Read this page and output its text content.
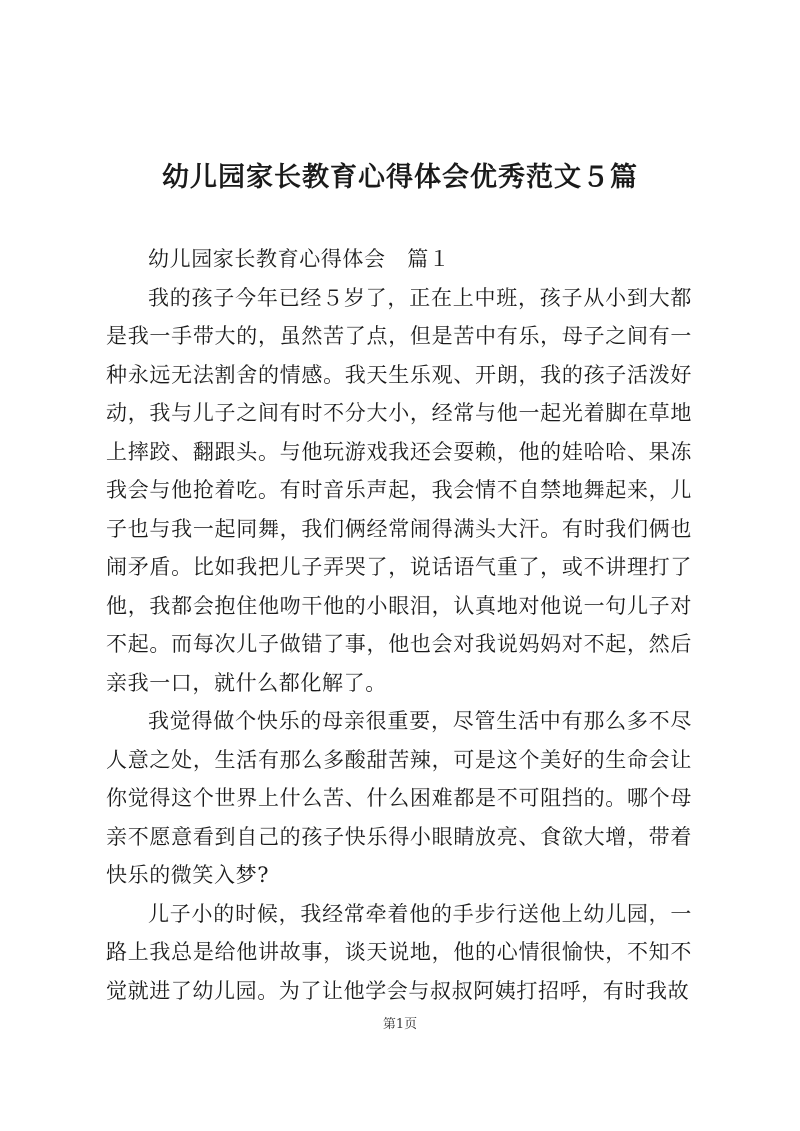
幼儿园家长教育心得体会优秀范文５篇

幼儿园家长教育心得体会　篇１

我的孩子今年已经５岁了，正在上中班，孩子从小到大都是我一手带大的，虽然苦了点，但是苦中有乐，母子之间有一种永远无法割舍的情感。我天生乐观、开朗，我的孩子活泼好动，我与儿子之间有时不分大小，经常与他一起光着脚在草地上摔跤、翻跟头。与他玩游戏我还会耍赖，他的娃哈哈、果冻我会与他抢着吃。有时音乐声起，我会情不自禁地舞起来，儿子也与我一起同舞，我们俩经常闹得满头大汗。有时我们俩也闹矛盾。比如我把儿子弄哭了，说话语气重了，或不讲理打了他，我都会抱住他吻干他的小眼泪，认真地对他说一句儿子对不起。而每次儿子做错了事，他也会对我说妈妈对不起，然后亲我一口，就什么都化解了。

我觉得做个快乐的母亲很重要，尽管生活中有那么多不尽人意之处，生活有那么多酸甜苦辣，可是这个美好的生命会让你觉得这个世界上什么苦、什么困难都是不可阻挡的。哪个母亲不愿意看到自己的孩子快乐得小眼睛放亮、食欲大增，带着快乐的微笑入梦?

儿子小的时候，我经常牵着他的手步行送他上幼儿园，一路上我总是给他讲故事，谈天说地，他的心情很愉快，不知不觉就进了幼儿园。为了让他学会与叔叔阿姨打招呼，有时我故

第1页
